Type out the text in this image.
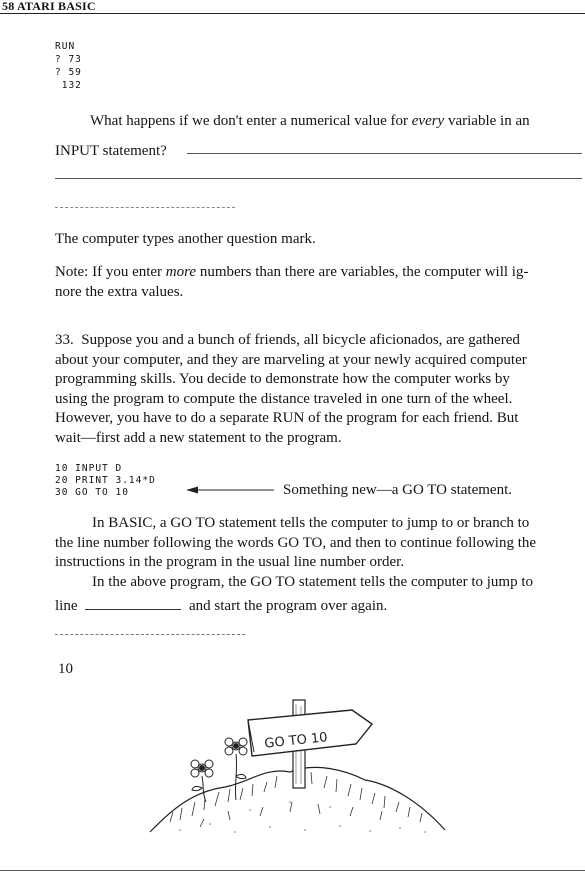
58 ATARI BASIC
RUN
? 73
? 59
132
What happens if we don't enter a numerical value for every variable in an
INPUT statement?
The computer types another question mark.
Note: If you enter more numbers than there are variables, the computer will ig-
nore the extra values.
33.  Suppose you and a bunch of friends, all bicycle aficionados, are gathered
about your computer, and they are marveling at your newly acquired computer
programming skills. You decide to demonstrate how the computer works by
using the program to compute the distance traveled in one turn of the wheel.
However, you have to do a separate RUN of the program for each friend. But
wait—first add a new statement to the program.
10 INPUT D
20 PRINT 3.14*D
30 GO TO 10	Something new—a GO TO statement.
In BASIC, a GO TO statement tells the computer to jump to or branch to
the line number following the words GO TO, and then to continue following the
instructions in the program in the usual line number order.
In the above program, the GO TO statement tells the computer to jump to
line	and start the program over again.
10
GO TO 10
